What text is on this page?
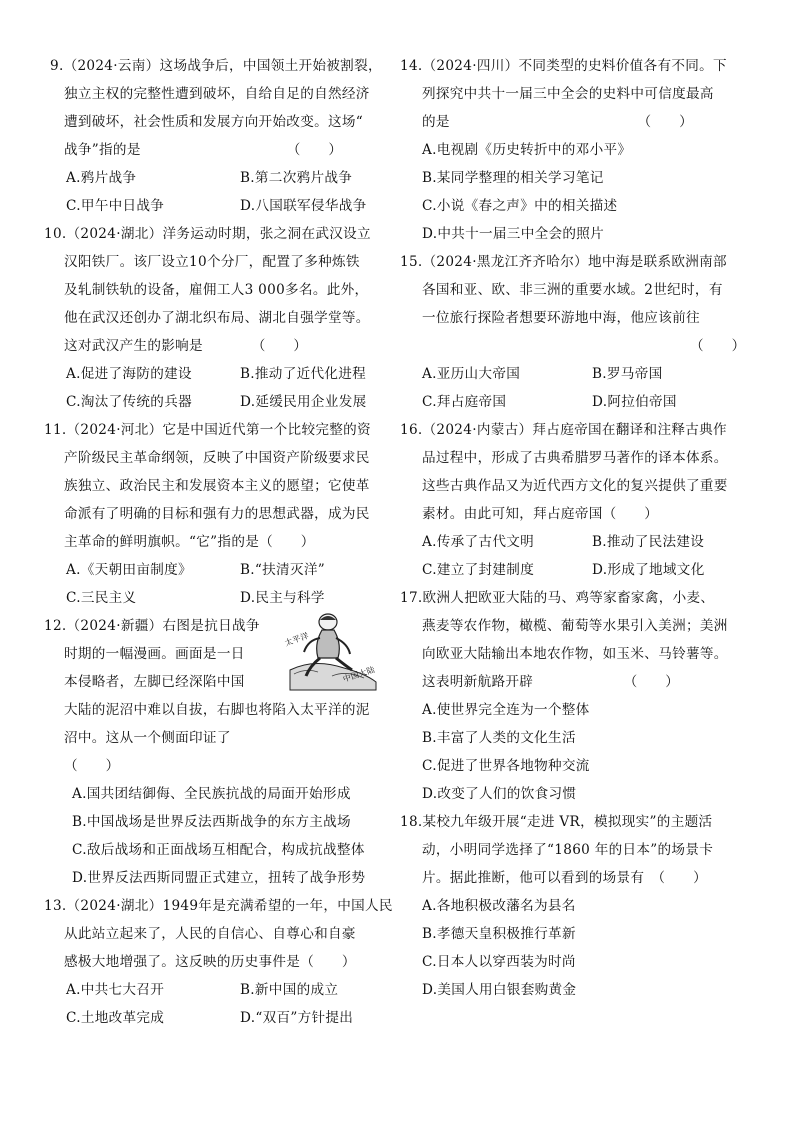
9.（2024·云南）这场战争后，中国领土开始被割裂，
独立主权的完整性遭到破坏，自给自足的自然经济
遭到破坏，社会性质和发展方向开始改变。这场“
战争”指的是　　　　　　　　　　　（　　）
A.鸦片战争	B.第二次鸦片战争
C.甲午中日战争	D.八国联军侵华战争
10.（2024·湖北）洋务运动时期，张之洞在武汉设立
汉阳铁厂。该厂设立10个分厂，配置了多种炼铁
及轧制铁轨的设备，雇佣工人3 000多名。此外，
他在武汉还创办了湖北织布局、湖北自强学堂等。
这对武汉产生的影响是　　　　（　　）
A.促进了海防的建设	B.推动了近代化进程
C.淘汰了传统的兵器	D.延缓民用企业发展
11.（2024·河北）它是中国近代第一个比较完整的资
产阶级民主革命纲领，反映了中国资产阶级要求民
族独立、政治民主和发展资本主义的愿望；它使革
命派有了明确的目标和强有力的思想武器，成为民
主革命的鲜明旗帜。“它”指的是（　　）
A.《天朝田亩制度》	B.“扶清灭洋”
C.三民主义	D.民主与科学
太平洋
中国大陆
12.（2024·新疆）右图是抗日战争
时期的一幅漫画。画面是一日
本侵略者，左脚已经深陷中国
大陆的泥沼中难以自拔，右脚也将陷入太平洋的泥
沼中。这从一个侧面印证了
（　　）
A.国共团结御侮、全民族抗战的局面开始形成
B.中国战场是世界反法西斯战争的东方主战场
C.敌后战场和正面战场互相配合，构成抗战整体
D.世界反法西斯同盟正式建立，扭转了战争形势
13.（2024·湖北）1949年是充满希望的一年，中国人民
从此站立起来了，人民的自信心、自尊心和自豪
感极大地增强了。这反映的历史事件是（　　）
A.中共七大召开	B.新中国的成立
C.土地改革完成	D.“双百”方针提出
14.（2024·四川）不同类型的史料价值各有不同。下
列探究中共十一届三中全会的史料中可信度最高
的是　　　　　　　　　　　　　　（　　）
A.电视剧《历史转折中的邓小平》
B.某同学整理的相关学习笔记
C.小说《春之声》中的相关描述
D.中共十一届三中全会的照片
15.（2024·黑龙江齐齐哈尔）地中海是联系欧洲南部
各国和亚、欧、非三洲的重要水域。2世纪时，有
一位旅行探险者想要环游地中海，他应该前往
（　　）
A.亚历山大帝国	B.罗马帝国
C.拜占庭帝国	D.阿拉伯帝国
16.（2024·内蒙古）拜占庭帝国在翻译和注释古典作
品过程中，形成了古典希腊罗马著作的译本体系。
这些古典作品又为近代西方文化的复兴提供了重要
素材。由此可知，拜占庭帝国（　　）
A.传承了古代文明	B.推动了民法建设
C.建立了封建制度	D.形成了地域文化
17.欧洲人把欧亚大陆的马、鸡等家畜家禽，小麦、
燕麦等农作物，橄榄、葡萄等水果引入美洲；美洲
向欧亚大陆输出本地农作物，如玉米、马铃薯等。
这表明新航路开辟　　　　　　　（　　）
A.使世界完全连为一个整体
B.丰富了人类的文化生活
C.促进了世界各地物种交流
D.改变了人们的饮食习惯
18.某校九年级开展“走进 VR，模拟现实”的主题活
动，小明同学选择了“1860 年的日本”的场景卡
片。据此推断，他可以看到的场景有　（　　）
A.各地积极改藩名为县名
B.孝德天皇积极推行革新
C.日本人以穿西装为时尚
D.美国人用白银套购黄金
